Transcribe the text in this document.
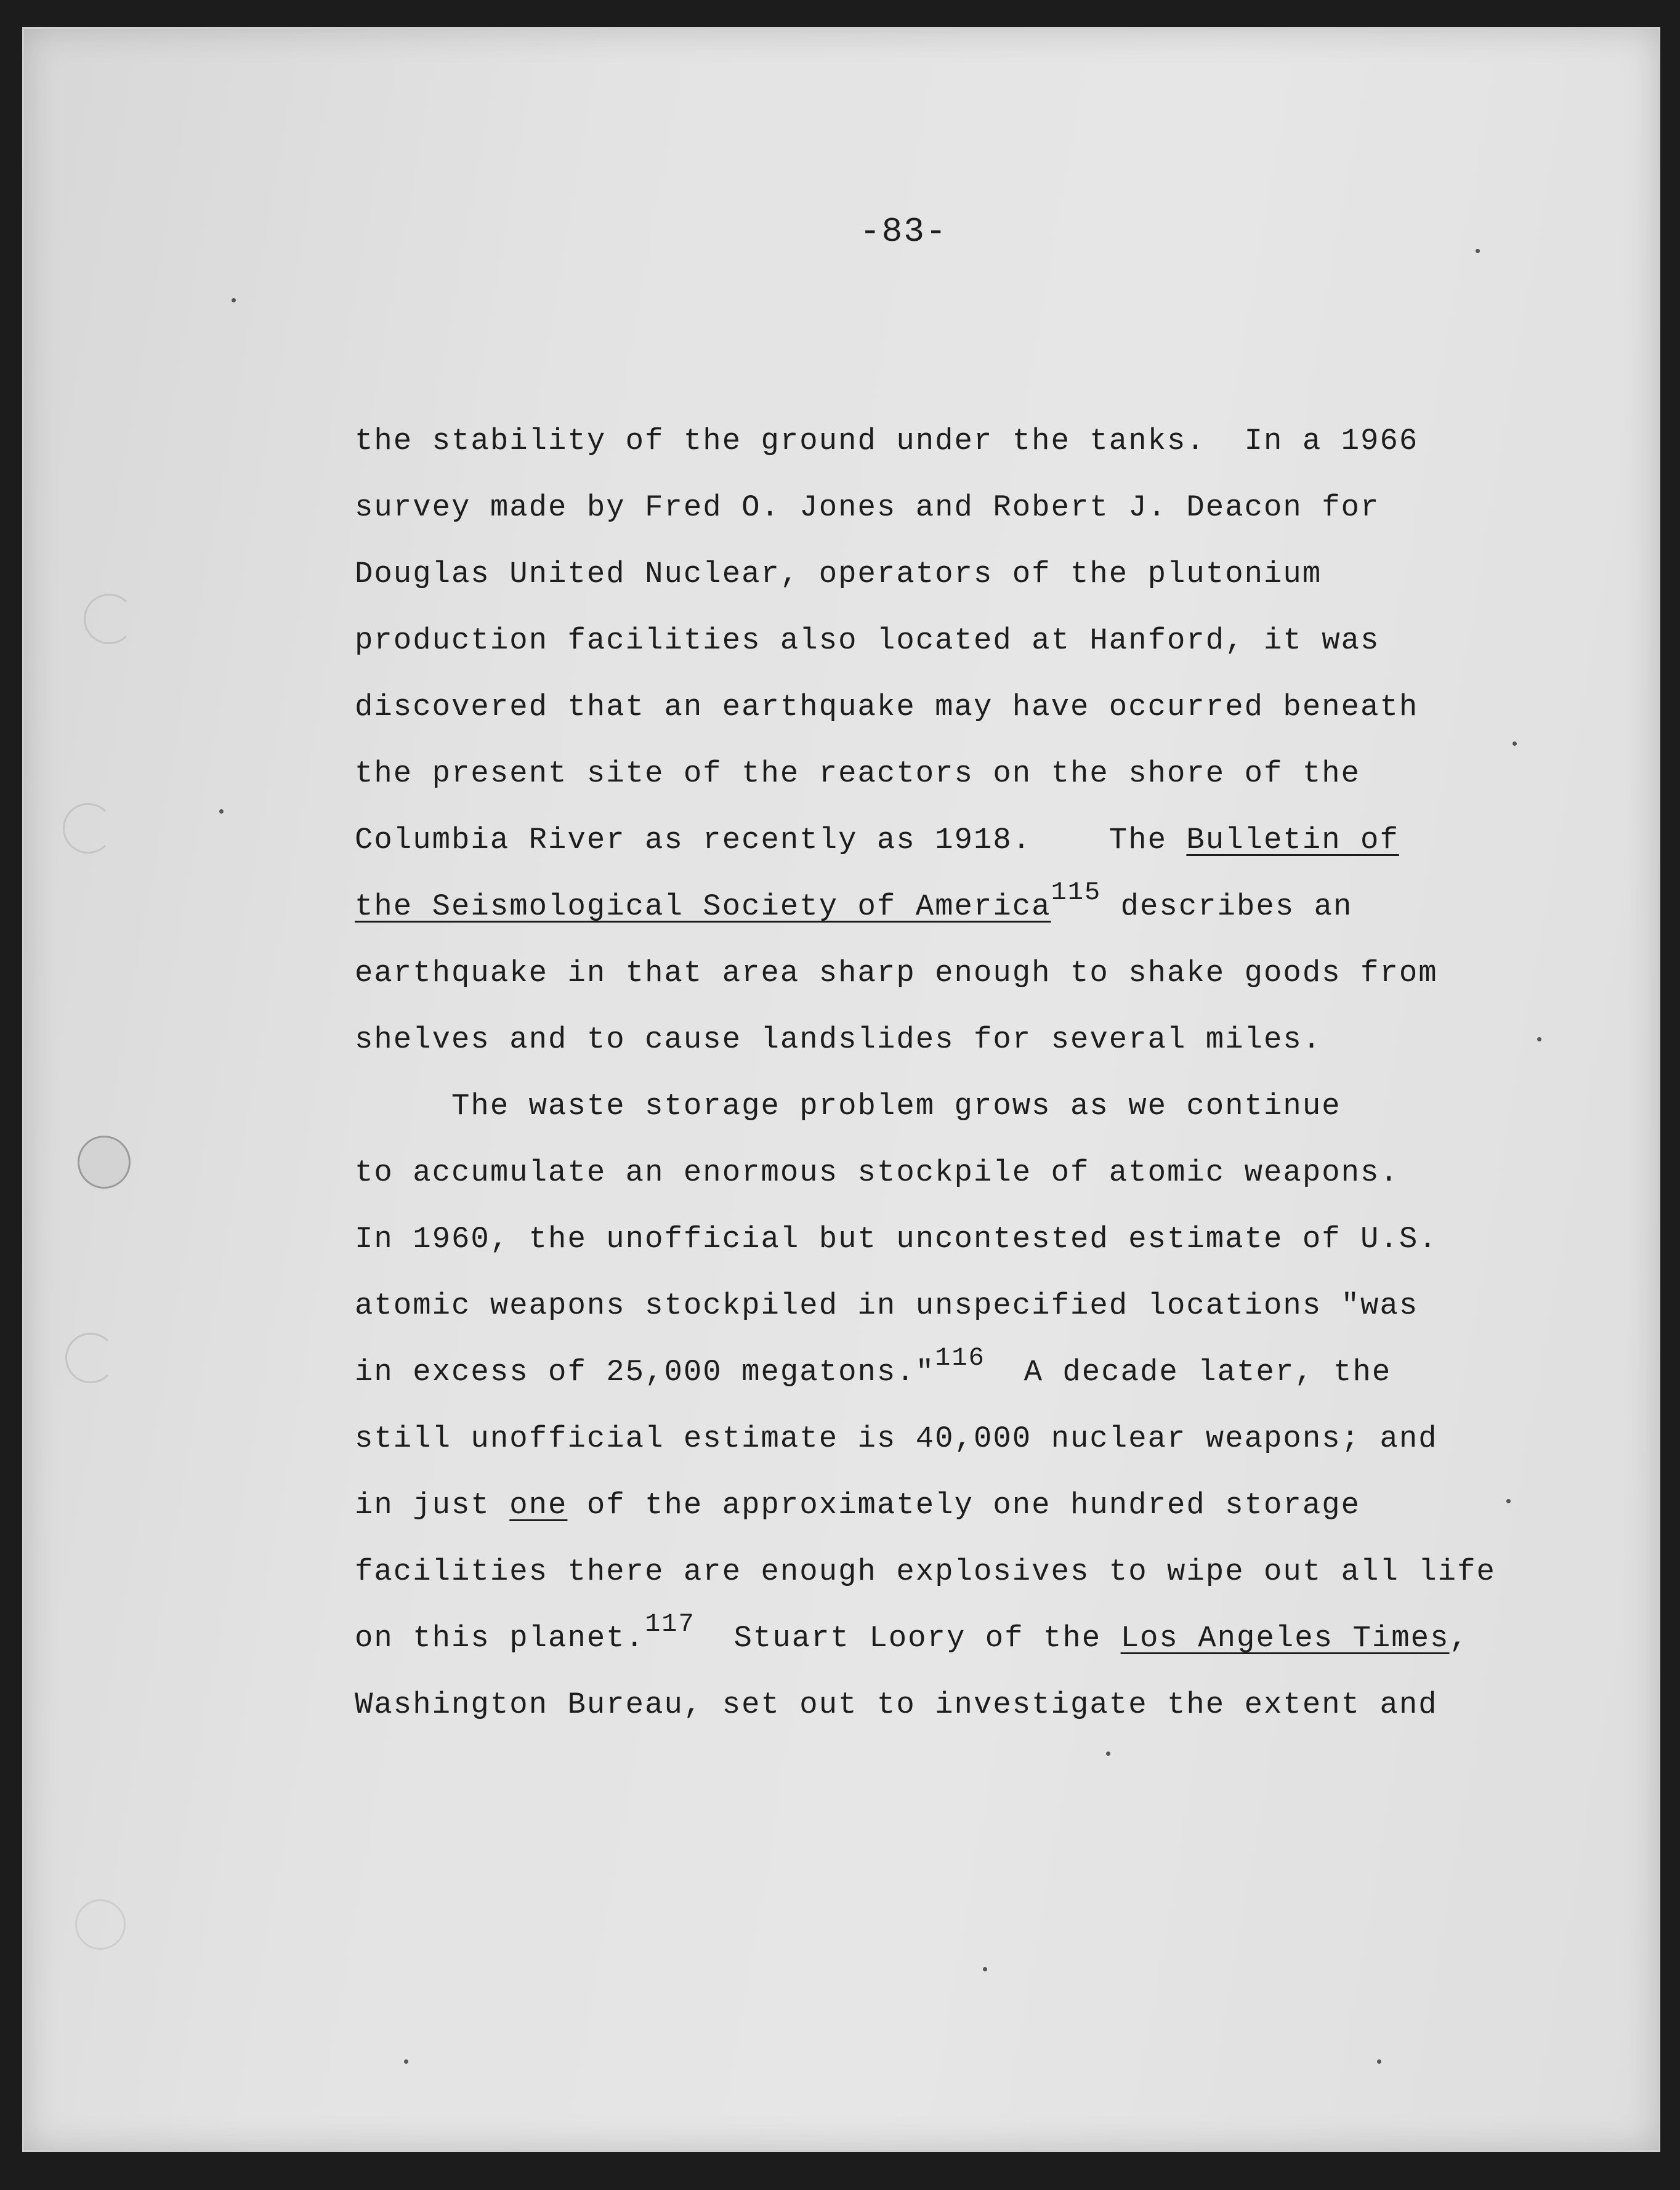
-83-
the stability of the ground under the tanks.  In a 1966
survey made by Fred O. Jones and Robert J. Deacon for
Douglas United Nuclear, operators of the plutonium
production facilities also located at Hanford, it was
discovered that an earthquake may have occurred beneath
the present site of the reactors on the shore of the
Columbia River as recently as 1918.    The Bulletin of
the Seismological Society of America$^{115}$ describes an
earthquake in that area sharp enough to shake goods from
shelves and to cause landslides for several miles.
The waste storage problem grows as we continue
to accumulate an enormous stockpile of atomic weapons.
In 1960, the unofficial but uncontested estimate of U.S.
atomic weapons stockpiled in unspecified locations "was
in excess of 25,000 megatons."$^{116}$  A decade later, the
still unofficial estimate is 40,000 nuclear weapons; and
in just one of the approximately one hundred storage
facilities there are enough explosives to wipe out all life
on this planet.$^{117}$  Stuart Loory of the Los Angeles Times,
Washington Bureau, set out to investigate the extent and
